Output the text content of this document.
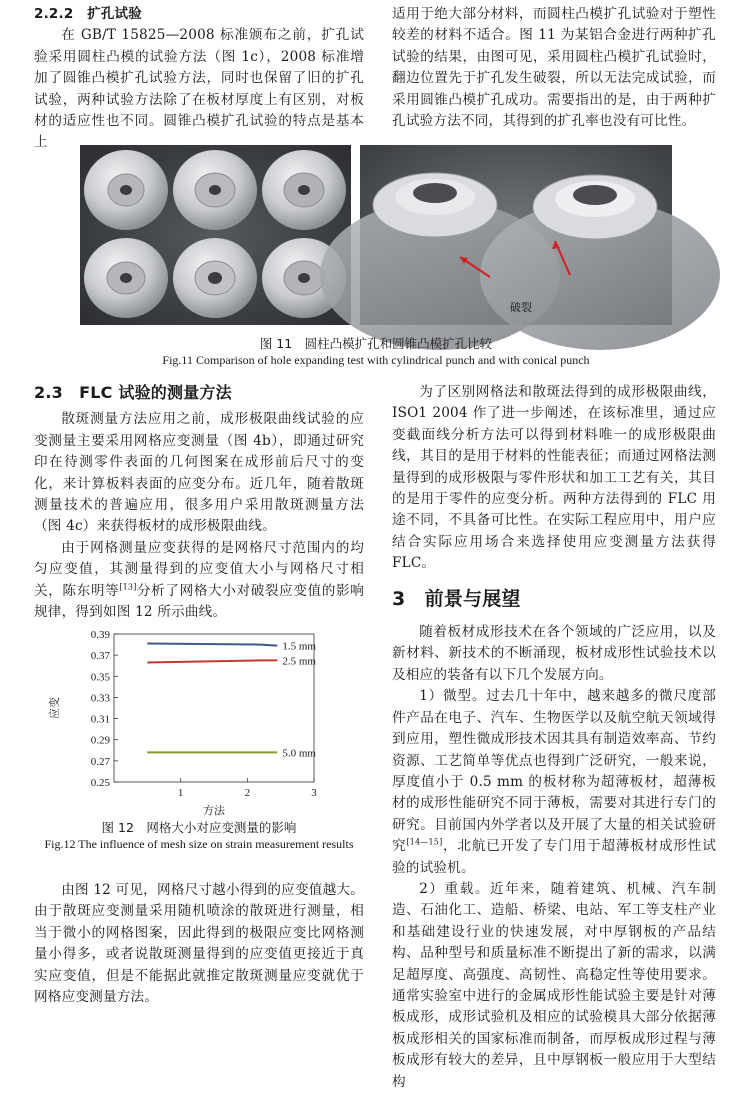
2.2.2　扩孔试验

在 GB/T 15825—2008 标准颁布之前，扩孔试验采用圆柱凸模的试验方法（图 1c），2008 标准增加了圆锥凸模扩孔试验方法，同时也保留了旧的扩孔试验，两种试验方法除了在板材厚度上有区别，对板材的适应性也不同。圆锥凸模扩孔试验的特点是基本上

适用于绝大部分材料，而圆柱凸模扩孔试验对于塑性较差的材料不适合。图 11 为某铝合金进行两种扩孔试验的结果，由图可见，采用圆柱凸模扩孔试验时，翻边位置先于扩孔发生破裂，所以无法完成试验，而采用圆锥凸模扩孔成功。需要指出的是，由于两种扩孔试验方法不同，其得到的扩孔率也没有可比性。

破裂
图 11　圆柱凸模扩孔和圆锥凸模扩孔比较
Fig.11 Comparison of hole expanding test with cylindrical punch and with conical punch
2.3　FLC 试验的测量方法

散斑测量方法应用之前，成形极限曲线试验的应变测量主要采用网格应变测量（图 4b），即通过研究印在待测零件表面的几何图案在成形前后尺寸的变化，来计算板料表面的应变分布。近几年，随着散斑测量技术的普遍应用，很多用户采用散斑测量方法（图 4c）来获得板材的成形极限曲线。

由于网格测量应变获得的是网格尺寸范围内的均匀应变值，其测量得到的应变值大小与网格尺寸相关，陈东明等[13]分析了网格大小对破裂应变值的影响规律，得到如图 12 所示曲线。

0.25
0.27
0.29
0.31
0.33
0.35
0.37
0.39
1	2	3
应变
方法
1.5 mm
2.5 mm
5.0 mm
图 12　网格大小对应变测量的影响
Fig.12 The influence of mesh size on strain measurement results

由图 12 可见，网格尺寸越小得到的应变值越大。由于散斑应变测量采用随机喷涂的散斑进行测量，相当于微小的网格图案，因此得到的极限应变比网格测量小得多，或者说散斑测量得到的应变值更接近于真实应变值，但是不能据此就推定散斑测量应变就优于网格应变测量方法。

为了区别网格法和散斑法得到的成形极限曲线，ISO1 2004 作了进一步阐述，在该标准里，通过应变截面线分析方法可以得到材料唯一的成形极限曲线，其目的是用于材料的性能表征；而通过网格法测量得到的成形极限与零件形状和加工工艺有关，其目的是用于零件的应变分析。两种方法得到的 FLC 用途不同，不具备可比性。在实际工程应用中，用户应结合实际应用场合来选择使用应变测量方法获得 FLC。

3　前景与展望

随着板材成形技术在各个领域的广泛应用，以及新材料、新技术的不断涌现，板材成形性试验技术以及相应的装备有以下几个发展方向。

1）微型。过去几十年中，越来越多的微尺度部件产品在电子、汽车、生物医学以及航空航天领域得到应用，塑性微成形技术因其具有制造效率高、节约资源、工艺简单等优点也得到广泛研究，一般来说，厚度值小于 0.5 mm 的板材称为超薄板材，超薄板材的成形性能研究不同于薄板，需要对其进行专门的研究。目前国内外学者以及开展了大量的相关试验研究[14—15]，北航已开发了专门用于超薄板材成形性试验的试验机。

2）重载。近年来，随着建筑、机械、汽车制造、石油化工、造船、桥梁、电站、军工等支柱产业和基础建设行业的快速发展，对中厚钢板的产品结构、品种型号和质量标准不断提出了新的需求，以满足超厚度、高强度、高韧性、高稳定性等使用要求。通常实验室中进行的金属成形性能试验主要是针对薄板成形，成形试验机及相应的试验模具大部分依据薄板成形相关的国家标准而制备，而厚板成形过程与薄板成形有较大的差异，且中厚钢板一般应用于大型结构
